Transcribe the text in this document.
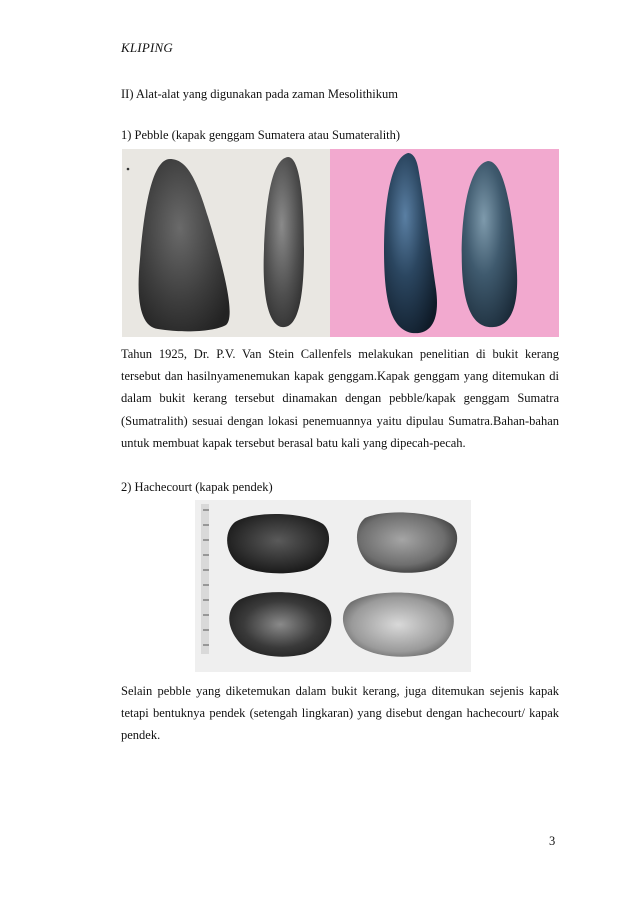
KLIPING
II) Alat-alat yang digunakan pada zaman Mesolithikum
1) Pebble (kapak genggam Sumatera atau Sumateralith)
Tahun 1925, Dr. P.V. Van Stein Callenfels melakukan penelitian di bukit kerang tersebut dan hasilnyamenemukan kapak genggam.Kapak genggam yang ditemukan di dalam bukit kerang tersebut dinamakan dengan pebble/kapak genggam Sumatra (Sumatralith) sesuai dengan lokasi penemuannya yaitu dipulau Sumatra.Bahan-bahan untuk membuat kapak tersebut berasal batu kali yang dipecah-pecah.
2) Hachecourt (kapak pendek)
Selain pebble yang diketemukan dalam bukit kerang, juga ditemukan sejenis kapak tetapi bentuknya pendek (setengah lingkaran) yang disebut dengan hachecourt/ kapak pendek.
3
